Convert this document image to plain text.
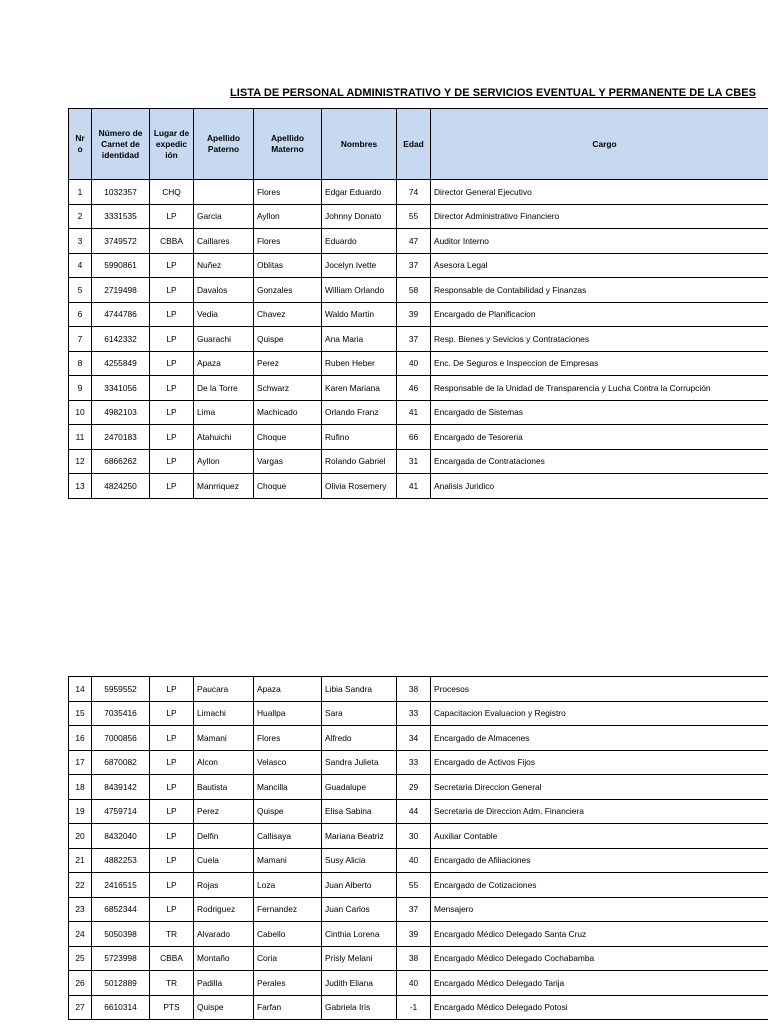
LISTA DE PERSONAL ADMINISTRATIVO Y DE SERVICIOS EVENTUAL Y PERMANENTE DE LA CBES
Nr o	Número de Carnet de identidad	Lugar de expedic ión	Apellido Paterno	Apellido Materno	Nombres	Edad	Cargo
1	1032357	CHQ		Flores	Edgar Eduardo	74	Director General Ejecutivo
2	3331535	LP	Garcia	Ayllon	Johnny Donato	55	Director Administrativo Financiero
3	3749572	CBBA	Caillares	Flores	Eduardo	47	Auditor Interno
4	5990861	LP	Nuñez	Oblitas	Jocelyn Ivette	37	Asesora Legal
5	2719498	LP	Davalos	Gonzales	William Orlando	58	Responsable de Contabilidad y Finanzas
6	4744786	LP	Vedia	Chavez	Waldo Martin	39	Encargado de Planificacion
7	6142332	LP	Guarachi	Quispe	Ana Maria	37	Resp. Bienes y Sevicios y Contrataciones
8	4255849	LP	Apaza	Perez	Ruben Heber	40	Enc. De Seguros e Inspeccion de Empresas
9	3341056	LP	De la Torre	Schwarz	Karen Mariana	46	Responsable de la Unidad de Transparencia y Lucha Contra la Corrupción
10	4982103	LP	Lima	Machicado	Orlando Franz	41	Encargado de Sistemas
11	2470183	LP	Atahuichi	Choque	Rufino	66	Encargado de Tesoreria
12	6866262	LP	Ayllon	Vargas	Rolando Gabriel	31	Encargada de Contrataciones
13	4824250	LP	Manrriquez	Choque	Olivia Rosemery	41	Analisis Juridico
14	5959552	LP	Paucara	Apaza	Libia Sandra	38	Procesos
15	7035416	LP	Limachi	Huallpa	Sara	33	Capacitacion Evaluacion y Registro
16	7000856	LP	Mamani	Flores	Alfredo	34	Encargado de Almacenes
17	6870082	LP	Alcon	Velasco	Sandra Julieta	33	Encargado de Activos Fijos
18	8439142	LP	Bautista	Mancilla	Guadalupe	29	Secretaria Direccion General
19	4759714	LP	Perez	Quispe	Elisa Sabina	44	Secretaria de Direccion Adm. Financiera
20	8432040	LP	Delfin	Callisaya	Mariana Beatriz	30	Auxiliar Contable
21	4882253	LP	Cuela	Mamani	Susy Alicia	40	Encargado de Afiliaciones
22	2416515	LP	Rojas	Loza	Juan Alberto	55	Encargado de Cotizaciones
23	6852344	LP	Rodriguez	Fernandez	Juan Carlos	37	Mensajero
24	5050398	TR	Alvarado	Cabello	Cinthia Lorena	39	Encargado Médico Delegado Santa Cruz
25	5723998	CBBA	Montaño	Coria	Prisly Melani	38	Encargado Médico Delegado Cochabamba
26	5012889	TR	Padilla	Perales	Judith Eliana	40	Encargado Médico Delegado Tarija
27	6610314	PTS	Quispe	Farfan	Gabriela Iris	-1	Encargado Médico Delegado Potosi
